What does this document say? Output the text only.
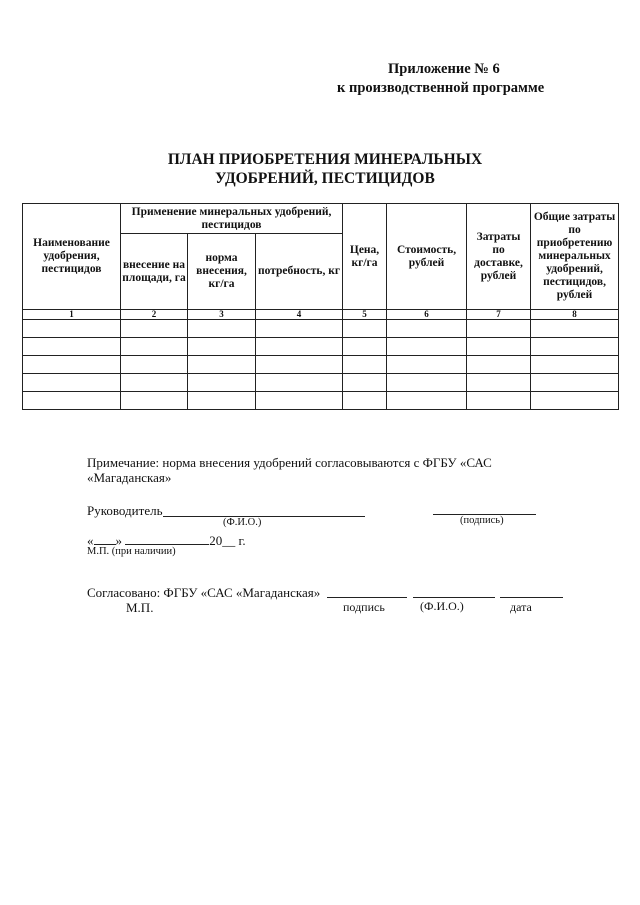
Приложение № 6
к производственной программе
ПЛАН ПРИОБРЕТЕНИЯ МИНЕРАЛЬНЫХ
УДОБРЕНИЙ, ПЕСТИЦИДОВ
Наименование удобрения, пестицидов	Применение минеральных удобрений, пестицидов			Цена, кг/га	Стоимость, рублей	Затраты по доставке, рублей	Общие затраты по приобретению минеральных удобрений, пестицидов, рублей
	внесение на площади, га	норма внесения, кг/га	потребность, кг				
1	2	3	4	5	6	7	8

Примечание: норма внесения удобрений согласовываются с ФГБУ «САС
«Магаданская»
Руководитель
(Ф.И.О.)	(подпись)
« »	20__ г.
М.П. (при наличии)
Согласовано: ФГБУ «САС «Магаданская»
М.П.	подпись	(Ф.И.О.)	дата
